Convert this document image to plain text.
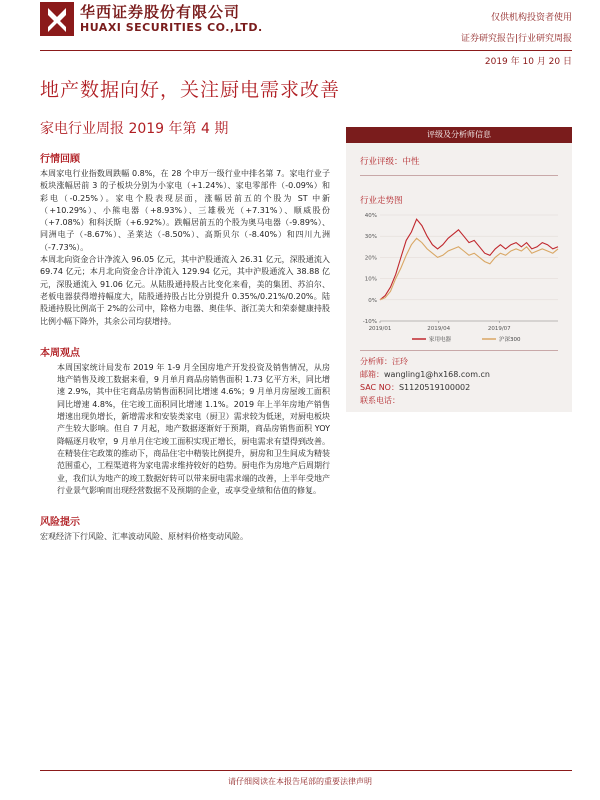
华西证券股份有限公司
HUAXI SECURITIES CO.,LTD.
仅供机构投资者使用
证券研究报告|行业研究周报
2019 年 10 月 20 日
地产数据向好，关注厨电需求改善
家电行业周报 2019 年第 4 期
行情回顾

本周家电行业指数周跌幅 0.8%，在 28 个申万一级行业中排名第 7。家电行业子板块涨幅居前 3 的子板块分别为小家电（+1.24%）、家电零部件（-0.09%）和彩电（-0.25%）。家电个股表现层面，涨幅居前五的个股为 ST 中新（+10.29%）、小熊电器（+8.93%）、三雄极光（+7.31%）、顺威股份（+7.08%）和科沃斯（+6.92%）。跌幅居前五的个股为奥马电器（-9.89%）、同洲电子（-8.67%）、圣莱达（-8.50%）、高斯贝尔（-8.40%）和四川九洲（-7.73%）。

本周北向资金合计净流入 96.05 亿元，其中沪股通流入 26.31 亿元，深股通流入 69.74 亿元；本月北向资金合计净流入 129.94 亿元，其中沪股通流入 38.88 亿元，深股通流入 91.06 亿元。从陆股通持股占比变化来看，美的集团、苏泊尔、老板电器获得增持幅度大，陆股通持股占比分别提升 0.35%/0.21%/0.20%。陆股通持股比例高于 2%的公司中，除格力电器、奥佳华、浙江美大和荣泰健康持股比例小幅下降外，其余公司均获增持。

本周观点

本周国家统计局发布 2019 年 1-9 月全国房地产开发投资及销售情况，从房地产销售及竣工数据来看，9 月单月商品房销售面积 1.73 亿平方米，同比增速 2.9%，其中住宅商品房销售面积同比增速 4.6%；9 月单月房屋竣工面积同比增速 4.8%，住宅竣工面积同比增速 1.1%。2019 年上半年房地产销售增速出现负增长，新增需求和安装类家电（厨卫）需求较为低迷，对厨电板块产生较大影响。但自 7 月起，地产数据逐渐好于预期，商品房销售面积 YOY 降幅逐月收窄，9 月单月住宅竣工面积实现正增长，厨电需求有望得到改善。在精装住宅政策的推动下，商品住宅中精装比例提升，厨房和卫生间成为精装范围重心，工程渠道将为家电需求维持较好的趋势。厨电作为房地产后周期行业，我们认为地产的竣工数据好转可以带来厨电需求端的改善，上半年受地产行业景气影响而出现经营数据不及预期的企业，或享受业绩和估值的修复。

风险提示

宏观经济下行风险、汇率波动风险、原材料价格变动风险。

评级及分析师信息
行业评级：中性
行业走势图
-10%
0%
10%
20%
30%
40%
2019/01	2019/04	2019/07
家用电器	沪深300
分析师：汪玲
邮箱：wangling1@hx168.com.cn
SAC NO：S1120519100002
联系电话：
请仔细阅读在本报告尾部的重要法律声明
